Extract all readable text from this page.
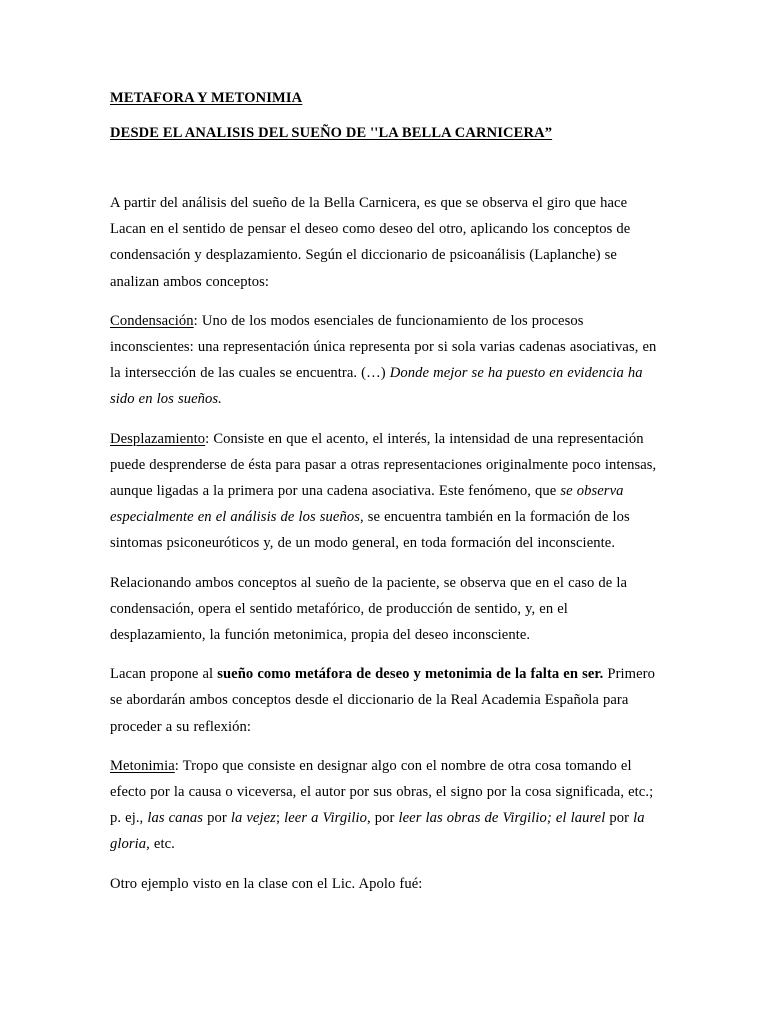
METAFORA Y METONIMIA
DESDE EL ANALISIS DEL SUEÑO DE ''LA BELLA CARNICERA”

A partir del análisis del sueño de la Bella Carnicera, es que se observa el giro que hace Lacan en el sentido de pensar el deseo como deseo del otro, aplicando los conceptos de condensación y desplazamiento. Según el diccionario de psicoanálisis (Laplanche) se analizan ambos conceptos:

Condensación: Uno de los modos esenciales de funcionamiento de los procesos inconscientes: una representación única representa por si sola varias cadenas asociativas, en la intersección de las cuales se encuentra. (…) Donde mejor se ha puesto en evidencia ha sido en los sueños.

Desplazamiento: Consiste en que el acento, el interés, la intensidad de una representación puede desprenderse de ésta para pasar a otras representaciones originalmente poco intensas, aunque ligadas a la primera por una cadena asociativa. Este fenómeno, que se observa especialmente en el análisis de los sueños, se encuentra también en la formación de los sintomas psiconeuróticos y, de un modo general, en toda formación del inconsciente.

Relacionando ambos conceptos al sueño de la paciente, se observa que en el caso de la condensación, opera el sentido metafórico, de producción de sentido, y, en el desplazamiento, la función metonimica, propia del deseo inconsciente.

Lacan propone al sueño como metáfora de deseo y metonimia de la falta en ser. Primero se abordarán ambos conceptos desde el diccionario de la Real Academia Española para proceder a su reflexión:

Metonimia: Tropo que consiste en designar algo con el nombre de otra cosa tomando el efecto por la causa o viceversa, el autor por sus obras, el signo por la cosa significada, etc.; p. ej., las canas por la vejez; leer a Virgilio, por leer las obras de Virgilio; el laurel por la gloria, etc.

Otro ejemplo visto en la clase con el Lic. Apolo fué:
